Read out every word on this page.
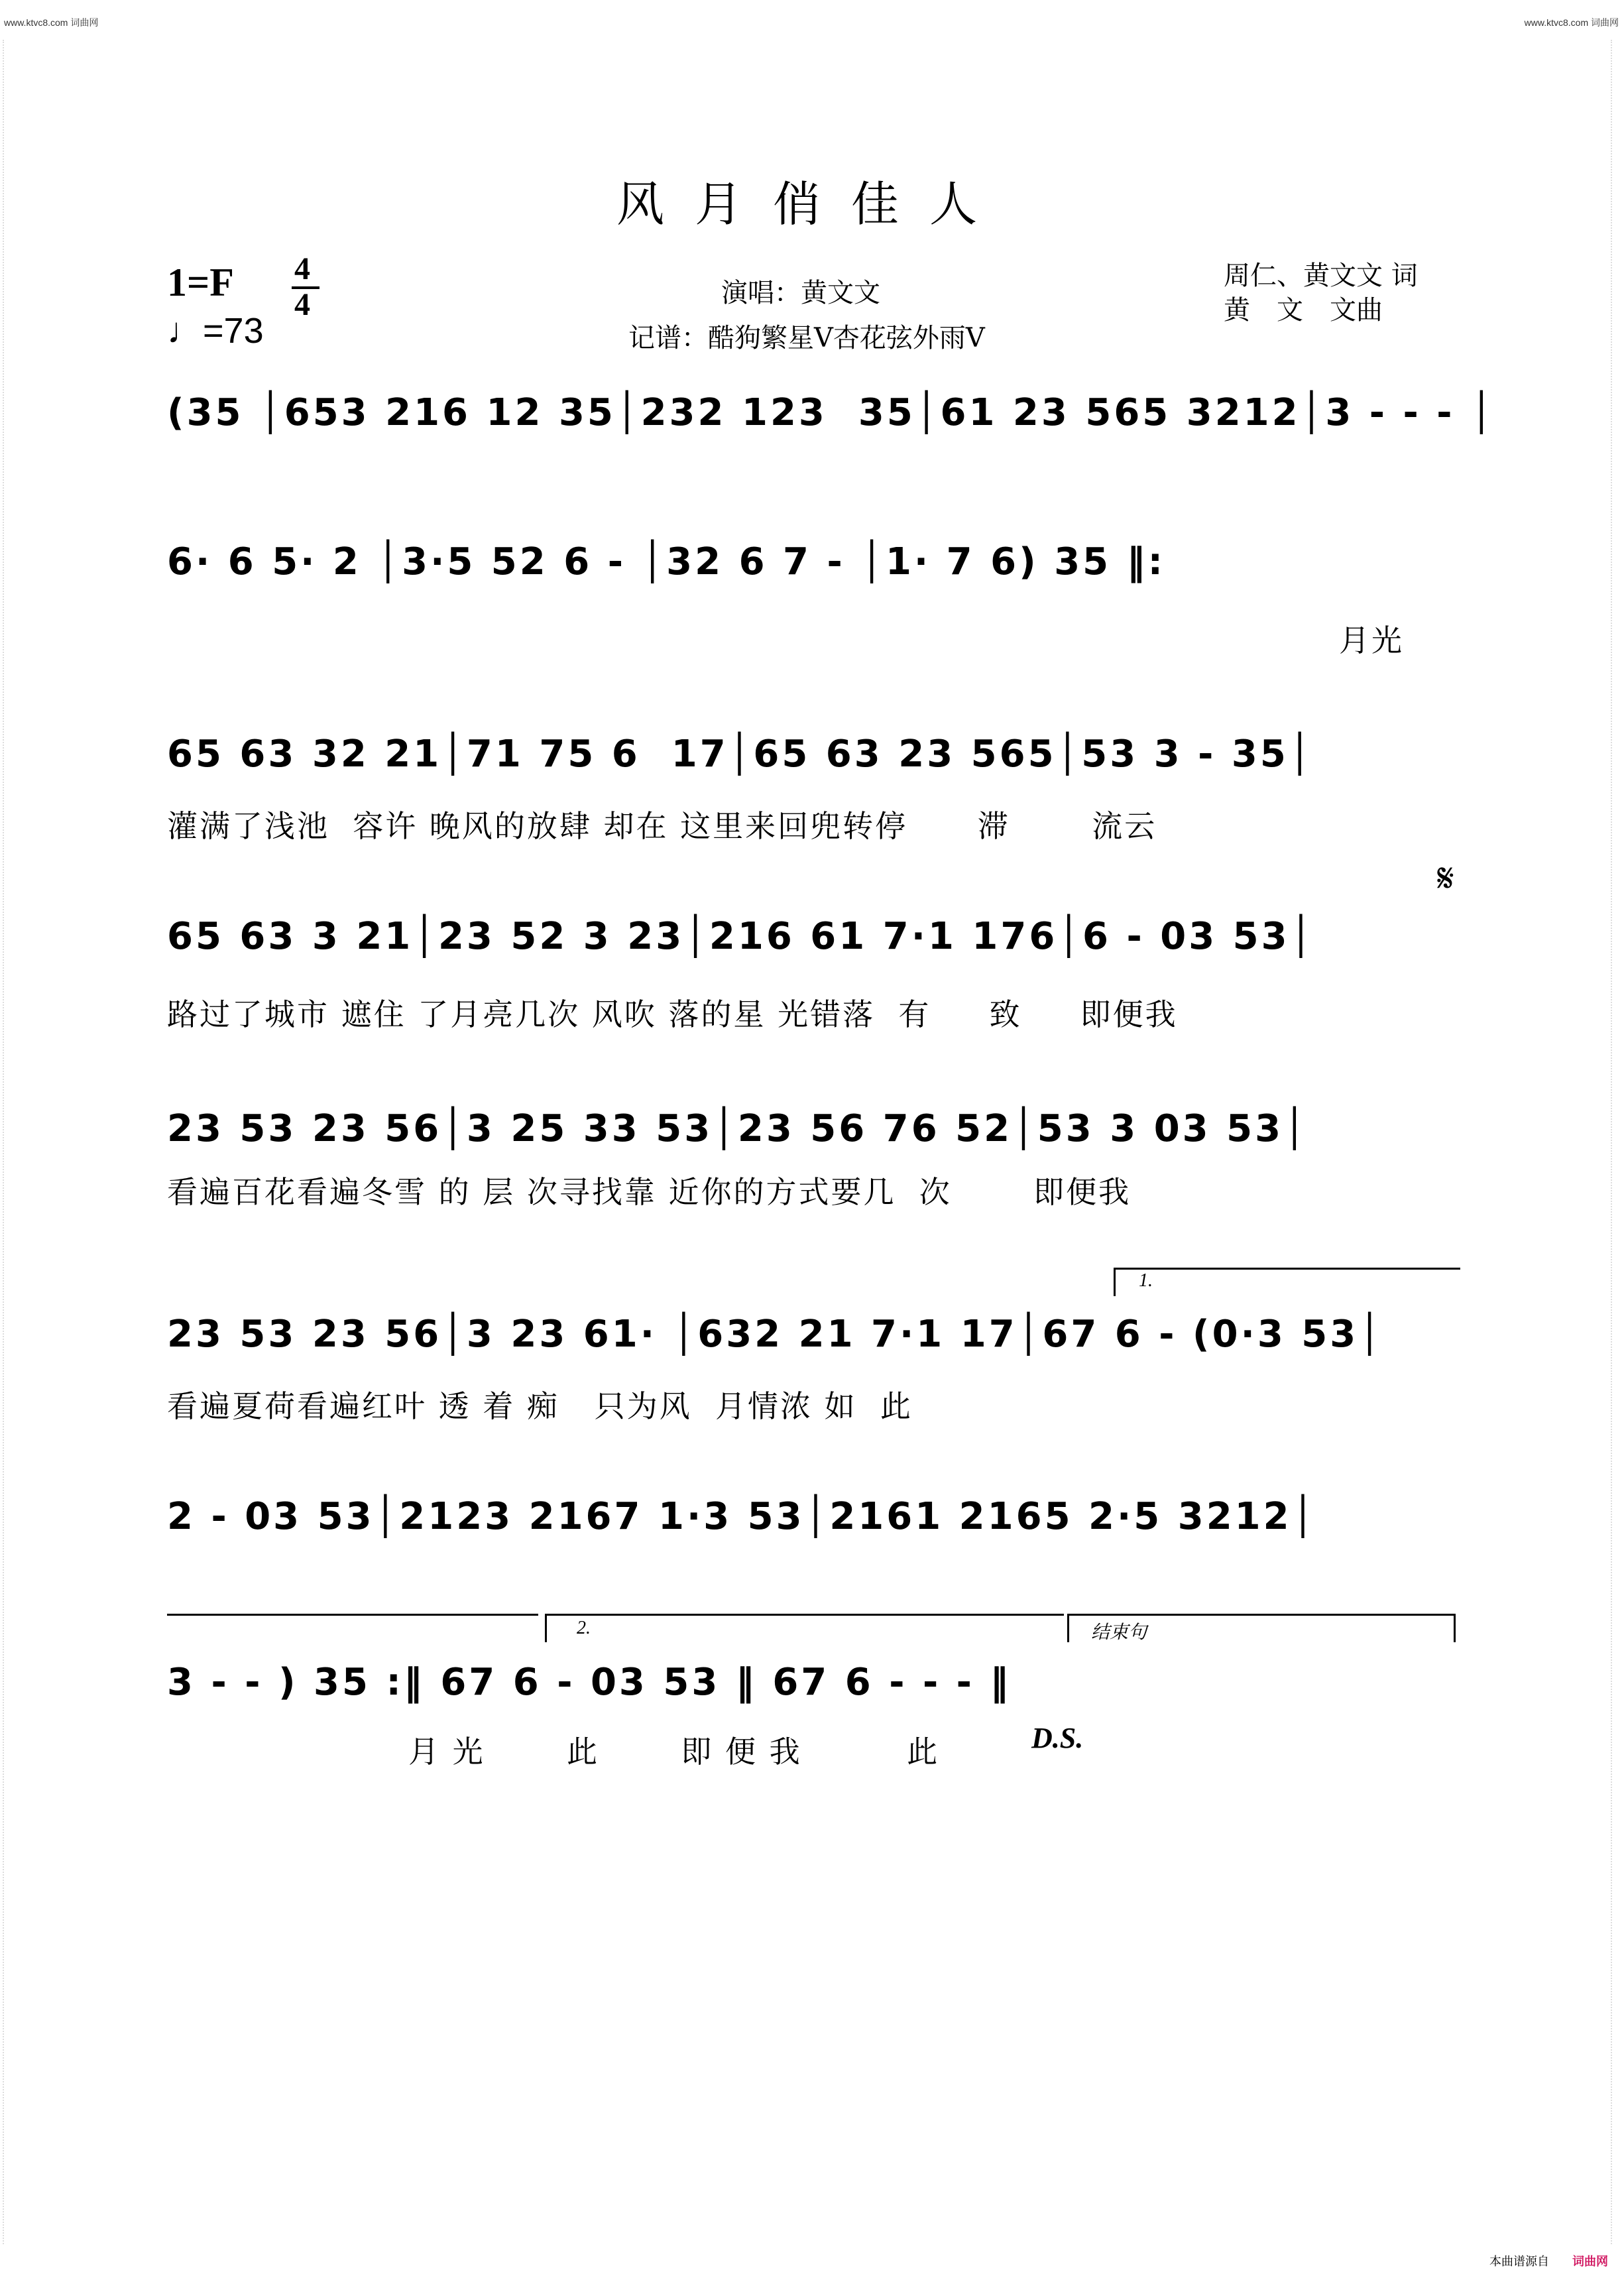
www.ktvc8.com 词曲网	www.ktvc8.com 词曲网
风月俏佳人
1=F 4
4
♩=73
演唱：黄文文
记谱：酷狗繁星V杏花弦外雨V
周仁、黄文文 词
黄　文　文曲
(35 │653 216 12 35│232 123  35│61 23 565 3212│3 - - - │
6· 6 5· 2 │3·5 52 6 - │32 6 7 - │1· 7 6) 35 ‖:
月光
65 63 32 21│71 75 6  17│65 63 23 565│53 3 - 35│
灌满了浅池  容许 晚风的放肆 却在 这里来回兜转停      滞       流云
𝄋
65 63 3 21│23 52 3 23│216 61 7·1 176│6 - 03 53│
路过了城市 遮住 了月亮几次 风吹 落的星 光错落  有     致     即便我
23 53 23 56│3 25 33 53│23 56 76 52│53 3 03 53│
看遍百花看遍冬雪 的 层 次寻找靠 近你的方式要几  次       即便我
1.
23 53 23 56│3 23 61· │632 21 7·1 17│67 6 - (0·3 53│
看遍夏荷看遍红叶 透 着 痴   只为风  月情浓 如  此
2 - 03 53│2123 2167 1·3 53│2161 2165 2·5 3212│
2.	结束句
3 - - ) 35 :‖ 67 6 - 03 53 ‖ 67 6 - - - ‖
月 光       此       即 便 我         此	D.S.
本曲谱源自 词曲网
